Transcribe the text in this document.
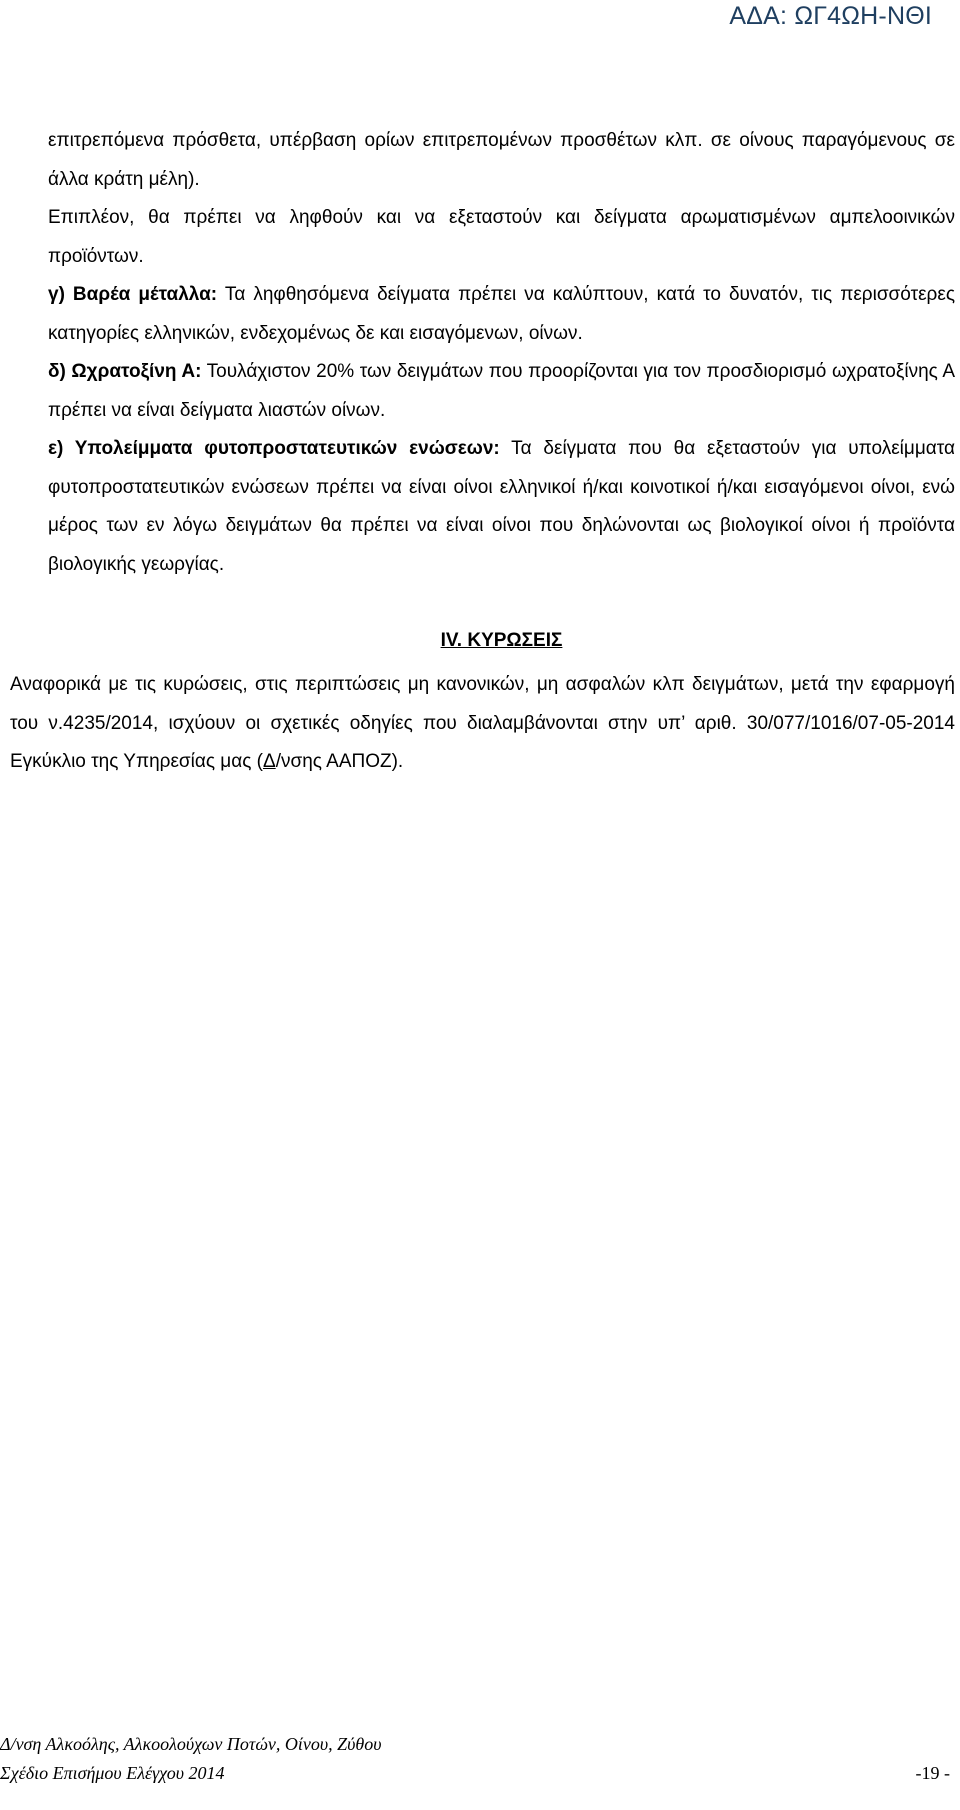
ΑΔΑ: ΩΓ4ΩΗ-ΝΘΙ

επιτρεπόμενα πρόσθετα, υπέρβαση ορίων επιτρεπομένων προσθέτων κλπ. σε οίνους παραγόμενους σε άλλα κράτη μέλη).

Επιπλέον, θα πρέπει να ληφθούν και να εξεταστούν και δείγματα αρωματισμένων αμπελοοινικών προϊόντων.

γ) Βαρέα μέταλλα: Τα ληφθησόμενα δείγματα πρέπει να καλύπτουν, κατά το δυνατόν, τις περισσότερες κατηγορίες ελληνικών, ενδεχομένως δε και εισαγόμενων, οίνων.

δ) Ωχρατοξίνη Α: Τουλάχιστον 20% των δειγμάτων που προορίζονται για τον προσδιορισμό ωχρατοξίνης Α πρέπει να είναι δείγματα λιαστών οίνων.

ε) Υπολείμματα φυτοπροστατευτικών ενώσεων: Τα δείγματα που θα εξεταστούν για υπολείμματα φυτοπροστατευτικών ενώσεων πρέπει να είναι οίνοι ελληνικοί ή/και κοινοτικοί ή/και εισαγόμενοι οίνοι, ενώ μέρος των εν λόγω δειγμάτων θα πρέπει να είναι οίνοι που δηλώνονται ως βιολογικοί οίνοι ή προϊόντα βιολογικής γεωργίας.

IV. ΚΥΡΩΣΕΙΣ

Αναφορικά με τις κυρώσεις, στις περιπτώσεις μη κανονικών, μη ασφαλών κλπ δειγμάτων, μετά την εφαρμογή του ν.4235/2014, ισχύουν οι σχετικές οδηγίες που διαλαμβάνονται στην υπ’ αριθ. 30/077/1016/07-05-2014 Εγκύκλιο της Υπηρεσίας μας (Δ/νσης ΑΑΠΟΖ).

Δ/νση Αλκοόλης, Αλκοολούχων Ποτών, Οίνου, Ζύθου
Σχέδιο Επισήμου Ελέγχου 2014	-19 -
